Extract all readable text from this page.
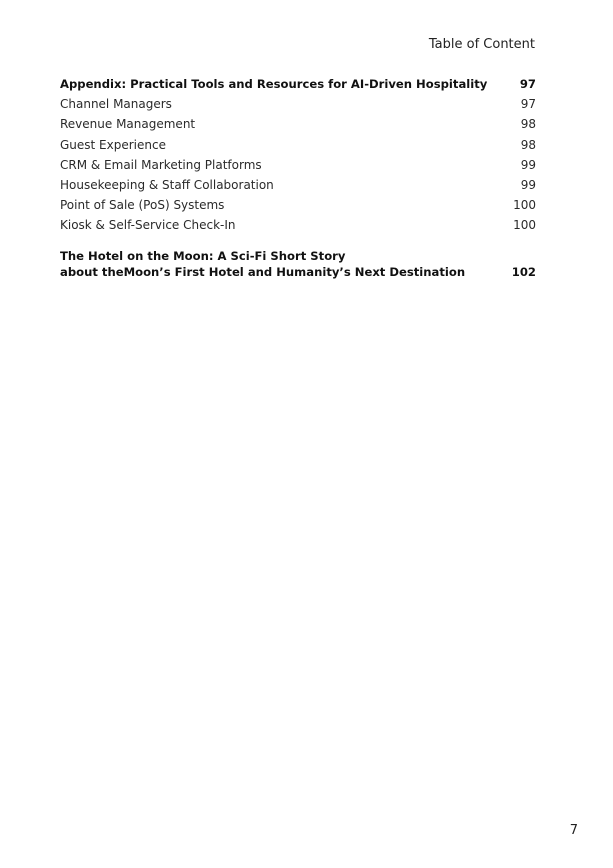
Table of Content
Appendix: Practical Tools and Resources for AI-Driven Hospitality	97
Channel Managers	97
Revenue Management	98
Guest Experience	98
CRM & Email Marketing Platforms	99
Housekeeping & Staff Collaboration	99
Point of Sale (PoS) Systems	100
Kiosk & Self-Service Check-In	100
The Hotel on the Moon: A Sci-Fi Short Story
about theMoon’s First Hotel and Humanity’s Next Destination	102
7
